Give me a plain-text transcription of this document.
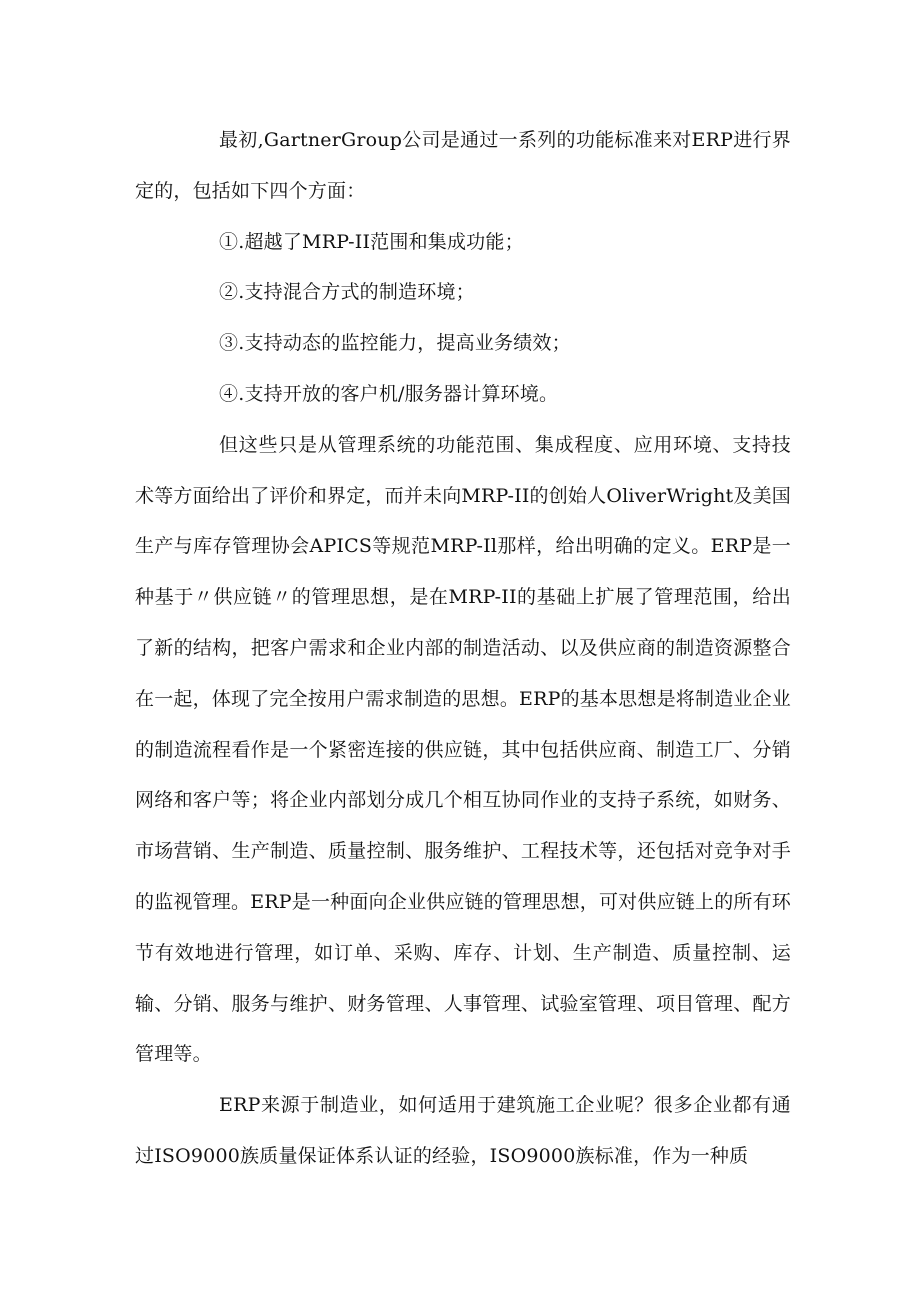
最初,GartnerGroup公司是通过一系列的功能标准来对ERP进行界定的，包括如下四个方面：

①.超越了MRP-II范围和集成功能；

②.支持混合方式的制造环境；

③.支持动态的监控能力，提高业务绩效；

④.支持开放的客户机/服务器计算环境。

但这些只是从管理系统的功能范围、集成程度、应用环境、支持技术等方面给出了评价和界定，而并未向MRP-II的创始人OliverWright及美国生产与库存管理协会APICS等规范MRP-Il那样，给出明确的定义。ERP是一种基于〃供应链〃的管理思想，是在MRP-II的基础上扩展了管理范围，给出了新的结构，把客户需求和企业内部的制造活动、以及供应商的制造资源整合在一起，体现了完全按用户需求制造的思想。ERP的基本思想是将制造业企业的制造流程看作是一个紧密连接的供应链，其中包括供应商、制造工厂、分销网络和客户等；将企业内部划分成几个相互协同作业的支持子系统，如财务、市场营销、生产制造、质量控制、服务维护、工程技术等，还包括对竞争对手的监视管理。ERP是一种面向企业供应链的管理思想，可对供应链上的所有环节有效地进行管理，如订单、采购、库存、计划、生产制造、质量控制、运输、分销、服务与维护、财务管理、人事管理、试验室管理、项目管理、配方管理等。

ERP来源于制造业，如何适用于建筑施工企业呢？很多企业都有通过ISO9000族质量保证体系认证的经验，ISO9000族标准，作为一种质
